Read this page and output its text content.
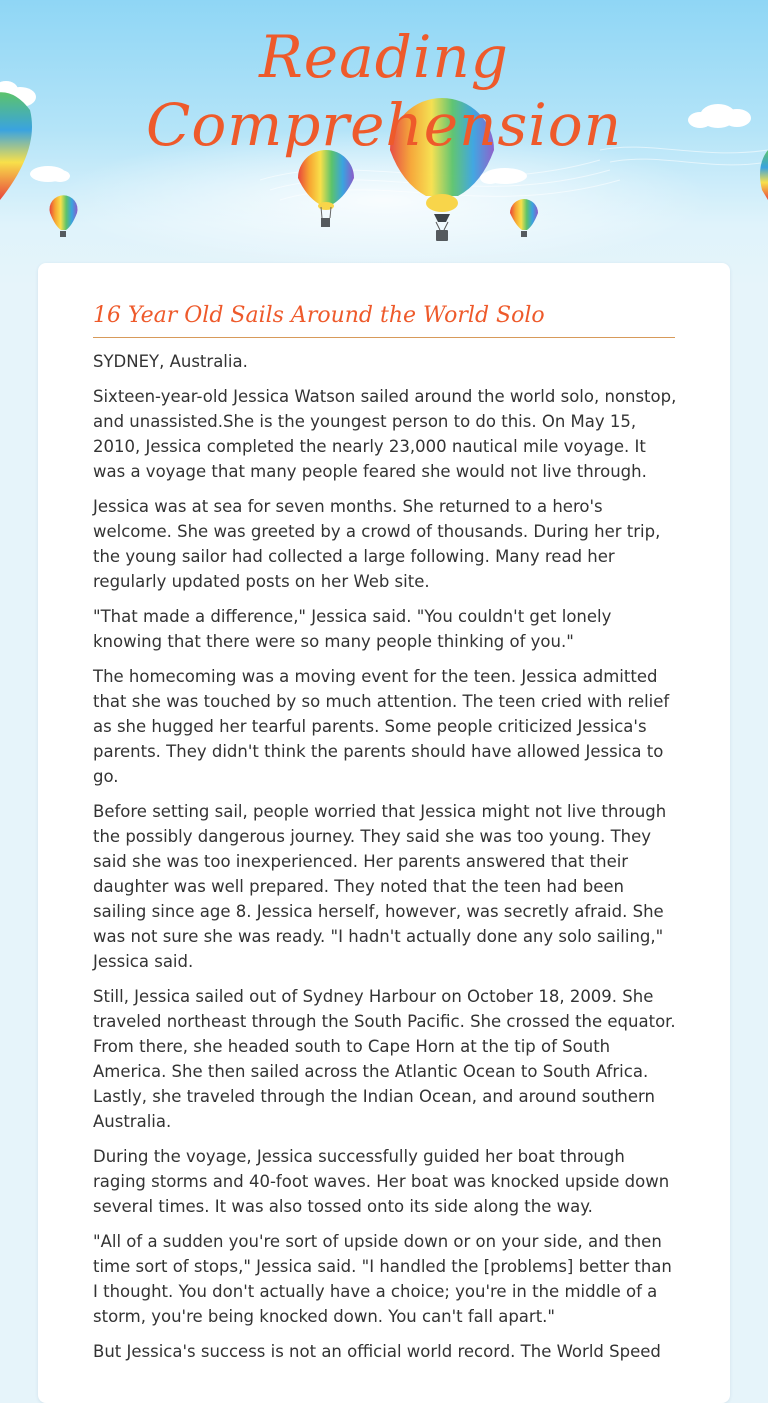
Reading
Comprehension
16 Year Old Sails Around the World Solo

SYDNEY, Australia.

Sixteen-year-old Jessica Watson sailed around the world solo, nonstop, and unassisted.She is the youngest person to do this. On May 15, 2010, Jessica completed the nearly 23,000 nautical mile voyage. It was a voyage that many people feared she would not live through.

Jessica was at sea for seven months. She returned to a hero's welcome. She was greeted by a crowd of thousands. During her trip, the young sailor had collected a large following. Many read her regularly updated posts on her Web site.

"That made a difference," Jessica said. "You couldn't get lonely knowing that there were so many people thinking of you."

The homecoming was a moving event for the teen. Jessica admitted that she was touched by so much attention. The teen cried with relief as she hugged her tearful parents. Some people criticized Jessica's parents. They didn't think the parents should have allowed Jessica to go.

Before setting sail, people worried that Jessica might not live through the possibly dangerous journey. They said she was too young. They said she was too inexperienced. Her parents answered that their daughter was well prepared. They noted that the teen had been sailing since age 8. Jessica herself, however, was secretly afraid. She was not sure she was ready. "I hadn't actually done any solo sailing," Jessica said.

Still, Jessica sailed out of Sydney Harbour on October 18, 2009. She traveled northeast through the South Pacific. She crossed the equator. From there, she headed south to Cape Horn at the tip of South America. She then sailed across the Atlantic Ocean to South Africa. Lastly, she traveled through the Indian Ocean, and around southern Australia.

During the voyage, Jessica successfully guided her boat through raging storms and 40-foot waves. Her boat was knocked upside down several times. It was also tossed onto its side along the way.

"All of a sudden you're sort of upside down or on your side, and then time sort of stops," Jessica said. "I handled the [problems] better than I thought. You don't actually have a choice; you're in the middle of a storm, you're being knocked down. You can't fall apart."

But Jessica's success is not an official world record. The World Speed
